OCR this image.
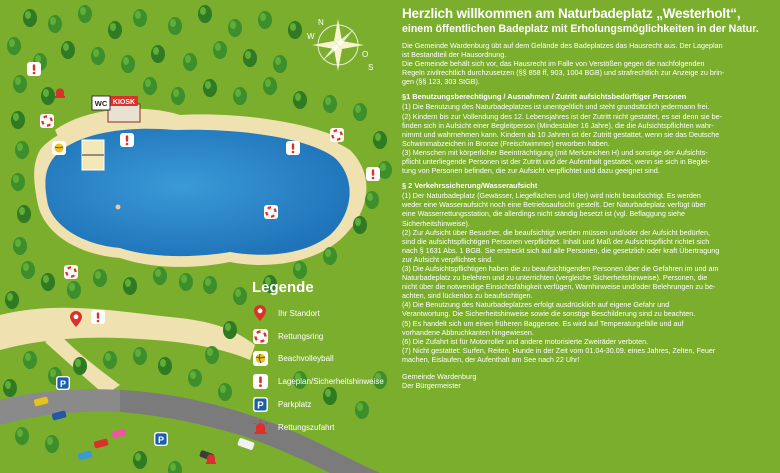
KIOSK
WC
N
W
O
S
P
P
Legende
Ihr Standort
Rettungsring
Beachvolleyball
Lageplan/Sicherheitshinweise
P Parkplatz
Rettungszufahrt
Herzlich willkommen am Naturbadeplatz „Westerholt“,
einem öffentlichen Badeplatz mit Erholungsmöglichkeiten in der Natur.

Die Gemeinde Wardenburg übt auf dem Gelände des Badeplatzes das Hausrecht aus. Der Lageplan

ist Bestandteil der Hausordnung.

Die Gemeinde behält sich vor, das Hausrecht im Falle von Verstößen gegen die nachfolgenden

Regeln zivilrechtlich durchzusetzen (§§ 858 ff, 903, 1004 BGB) und strafrechtlich zur Anzeige zu brin-

gen (§§ 123, 303 StGB).

§1 Benutzungsberechtigung / Ausnahmen / Zutritt aufsichtsbedürftiger Personen

(1) Die Benutzung des Naturbadeplatzes ist unentgeltlich und steht grundsätzlich jedermann frei.

(2) Kindern bis zur Vollendung des 12. Lebensjahres ist der Zutritt nicht gestattet, es sei denn sie be-

finden sich in Aufsicht einer Begleitperson (Mindestalter 16 Jahre), die die Aufsichtspflichten wahr-

nimmt und wahrnehmen kann. Kindern ab 10 Jahren ist der Zutritt gestattet, wenn sie das Deutsche

Schwimmabzeichen in Bronze (Freischwimmer) erworben haben.

(3) Menschen mit körperlicher Beeinträchtigung (mit Merkzeichen H) und sonstige der Aufsichts-

pflicht unterliegende Personen ist der Zutritt und der Aufenthalt gestattet, wenn sie sich in Beglei-

tung von Personen befinden, die zur Aufsicht verpflichtet und dazu geeignet sind.

§ 2 Verkehrssicherung/Wasseraufsicht

(1) Der Naturbadeplatz (Gewässer, Liegeflächen und Ufer) wird nicht beaufsichtigt. Es werden

weder eine Wasseraufsicht noch eine Betriebsaufsicht gestellt. Der Naturbadeplatz verfügt über

eine Wasserrettungsstation, die allerdings nicht ständig besetzt ist (vgl. Beflaggung siehe

Sicherheitshinweise).

(2) Zur Aufsicht über Besucher, die beaufsichtigt werden müssen und/oder der Aufsicht bedürfen,

sind die aufsichtspflichtigen Personen verpflichtet. Inhalt und Maß der Aufsichtspflicht richtet sich

nach § 1631 Abs. 1 BGB. Sie erstreckt sich auf alle Personen, die gesetzlich oder kraft Übertragung

zur Aufsicht verpflichtet sind.

(3) Die Aufsichtspflichtigen haben die zu beaufsichtigenden Personen über die Gefahren im und am

Naturbadeplatz zu belehren und zu unterrichten (vergleiche Sicherheitshinweise). Personen, die

nicht über die notwendige Einsichtsfähigkeit verfügen, Warnhinweise und/oder Belehrungen zu be-

achten, sind lückenlos zu beaufsichtigen.

(4) Die Benutzung des Naturbadeplatzes erfolgt ausdrücklich auf eigene Gefahr und

Verantwortung. Die Sicherheitshinweise sowie die sonstige Beschilderung sind zu beachten.

(5) Es handelt sich um einen früheren Baggersee. Es wird auf Temperaturgefälle und auf

vorhandene Abbruchkanten hingewiesen.

(6) Die Zufahrt ist für Motorroller und andere motorisierte Zweiräder verboten.

(7) Nicht gestattet: Surfen, Reiten, Hunde in der Zeit vom 01.04-30.09. eines Jahres, Zelten, Feuer

machen, Eislaufen, der Aufenthalt am See nach 22 Uhr!

Gemeinde Wardenburg

Der Bürgermeister
